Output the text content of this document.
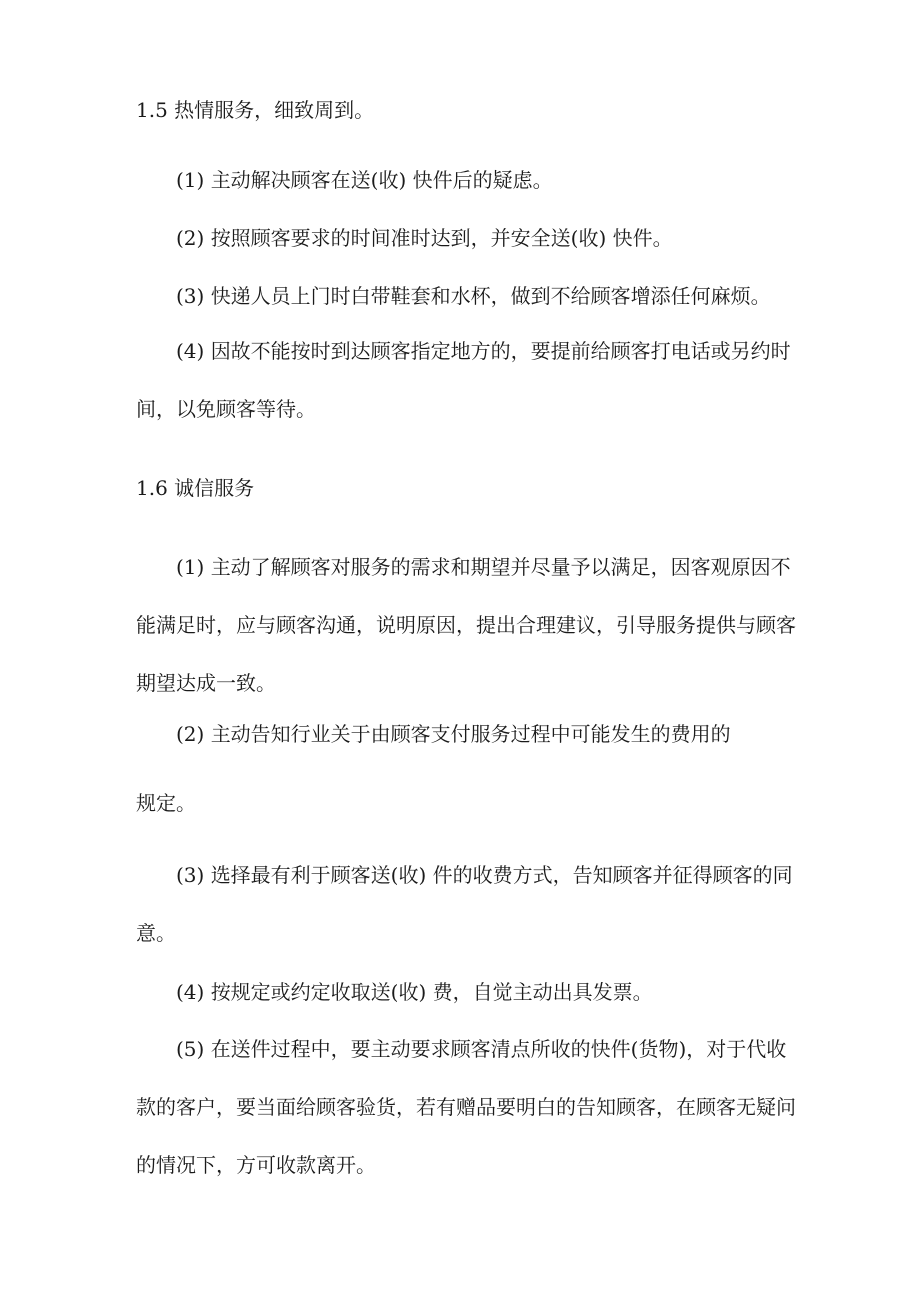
1.5 热情服务，细致周到。

(1) 主动解决顾客在送(收) 快件后的疑虑。

(2) 按照顾客要求的时间准时达到，并安全送(收) 快件。

(3) 快递人员上门时白带鞋套和水杯，做到不给顾客增添任何麻烦。

(4) 因故不能按时到达顾客指定地方的，要提前给顾客打电话或另约时间，以免顾客等待。

1.6 诚信服务

(1) 主动了解顾客对服务的需求和期望并尽量予以满足，因客观原因不能满足时，应与顾客沟通，说明原因，提出合理建议，引导服务提供与顾客期望达成一致。

(2) 主动告知行业关于由顾客支付服务过程中可能发生的费用的

规定。

(3) 选择最有利于顾客送(收) 件的收费方式，告知顾客并征得顾客的同意。

(4) 按规定或约定收取送(收) 费，自觉主动出具发票。

(5) 在送件过程中，要主动要求顾客清点所收的快件(货物)，对于代收款的客户，要当面给顾客验货，若有赠品要明白的告知顾客，在顾客无疑问的情况下，方可收款离开。
